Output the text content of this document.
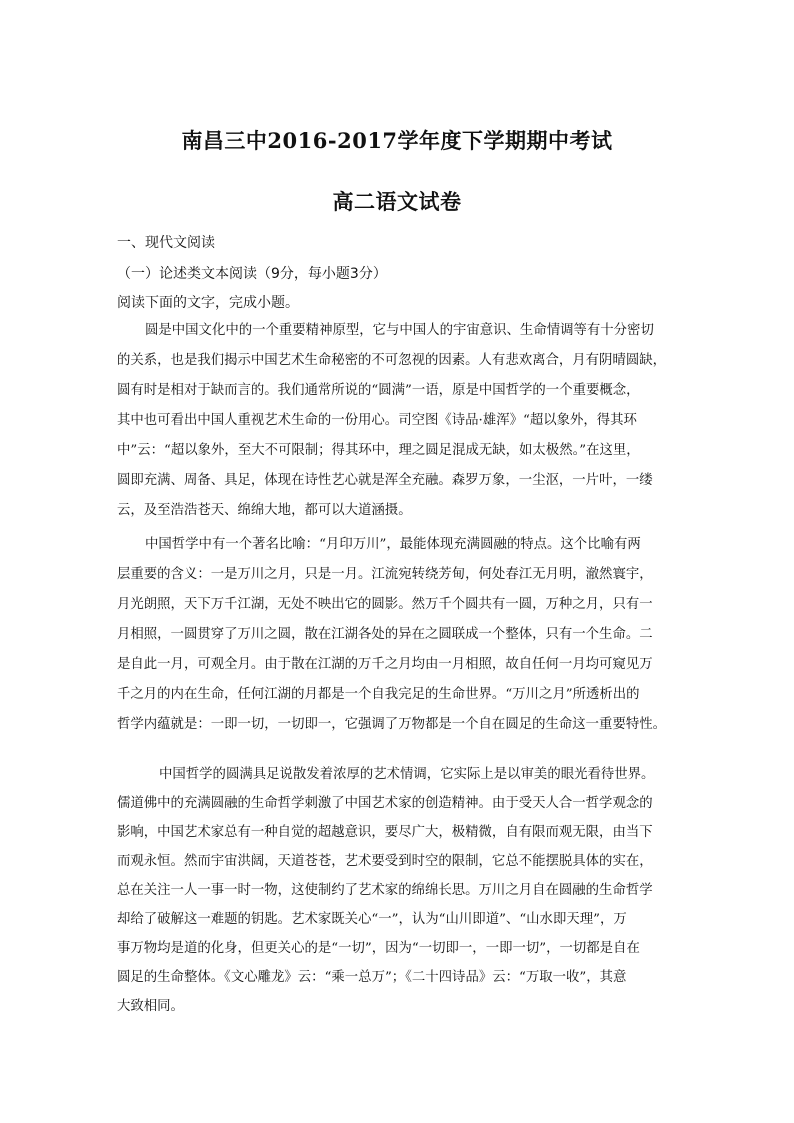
南昌三中2016-2017学年度下学期期中考试
高二语文试卷
一、现代文阅读
（一）论述类文本阅读（9分，每小题3分）
阅读下面的文字，完成小题。
圆是中国文化中的一个重要精神原型，它与中国人的宇宙意识、生命情调等有十分密切
的关系，也是我们揭示中国艺术生命秘密的不可忽视的因素。人有悲欢离合，月有阴晴圆缺，
圆有时是相对于缺而言的。我们通常所说的“圆满”一语，原是中国哲学的一个重要概念，
其中也可看出中国人重视艺术生命的一份用心。司空图《诗品·雄浑》“超以象外，得其环
中”云：“超以象外，至大不可限制；得其环中，理之圆足混成无缺，如太极然。”在这里，
圆即充满、周备、具足，体现在诗性艺心就是浑全充融。森罗万象，一尘沤，一片叶，一缕
云，及至浩浩苍天、绵绵大地，都可以大道涵摄。
中国哲学中有一个著名比喻：“月印万川”，最能体现充满圆融的特点。这个比喻有两
层重要的含义：一是万川之月，只是一月。江流宛转绕芳甸，何处春江无月明，澈然寰宇，
月光朗照，天下万千江湖，无处不映出它的圆影。然万千个圆共有一圆，万种之月，只有一
月相照，一圆贯穿了万川之圆，散在江湖各处的异在之圆联成一个整体，只有一个生命。二
是自此一月，可观全月。由于散在江湖的万千之月均由一月相照，故自任何一月均可窥见万
千之月的内在生命，任何江湖的月都是一个自我完足的生命世界。“万川之月”所透析出的
哲学内蕴就是：一即一切，一切即一，它强调了万物都是一个自在圆足的生命这一重要特性。
中国哲学的圆满具足说散发着浓厚的艺术情调，它实际上是以审美的眼光看待世界。
儒道佛中的充满圆融的生命哲学刺激了中国艺术家的创造精神。由于受天人合一哲学观念的
影响，中国艺术家总有一种自觉的超越意识，要尽广大，极精微，自有限而观无限，由当下
而观永恒。然而宇宙洪阔，天道苍苍，艺术要受到时空的限制，它总不能摆脱具体的实在，
总在关注一人一事一时一物，这使制约了艺术家的绵绵长思。万川之月自在圆融的生命哲学
却给了破解这一难题的钥匙。艺术家既关心“一”，认为“山川即道”、“山水即天理”，万
事万物均是道的化身，但更关心的是“一切”，因为“一切即一，一即一切”，一切都是自在
圆足的生命整体。《文心雕龙》云：“乘一总万”；《二十四诗品》云：“万取一收”，其意
大致相同。
